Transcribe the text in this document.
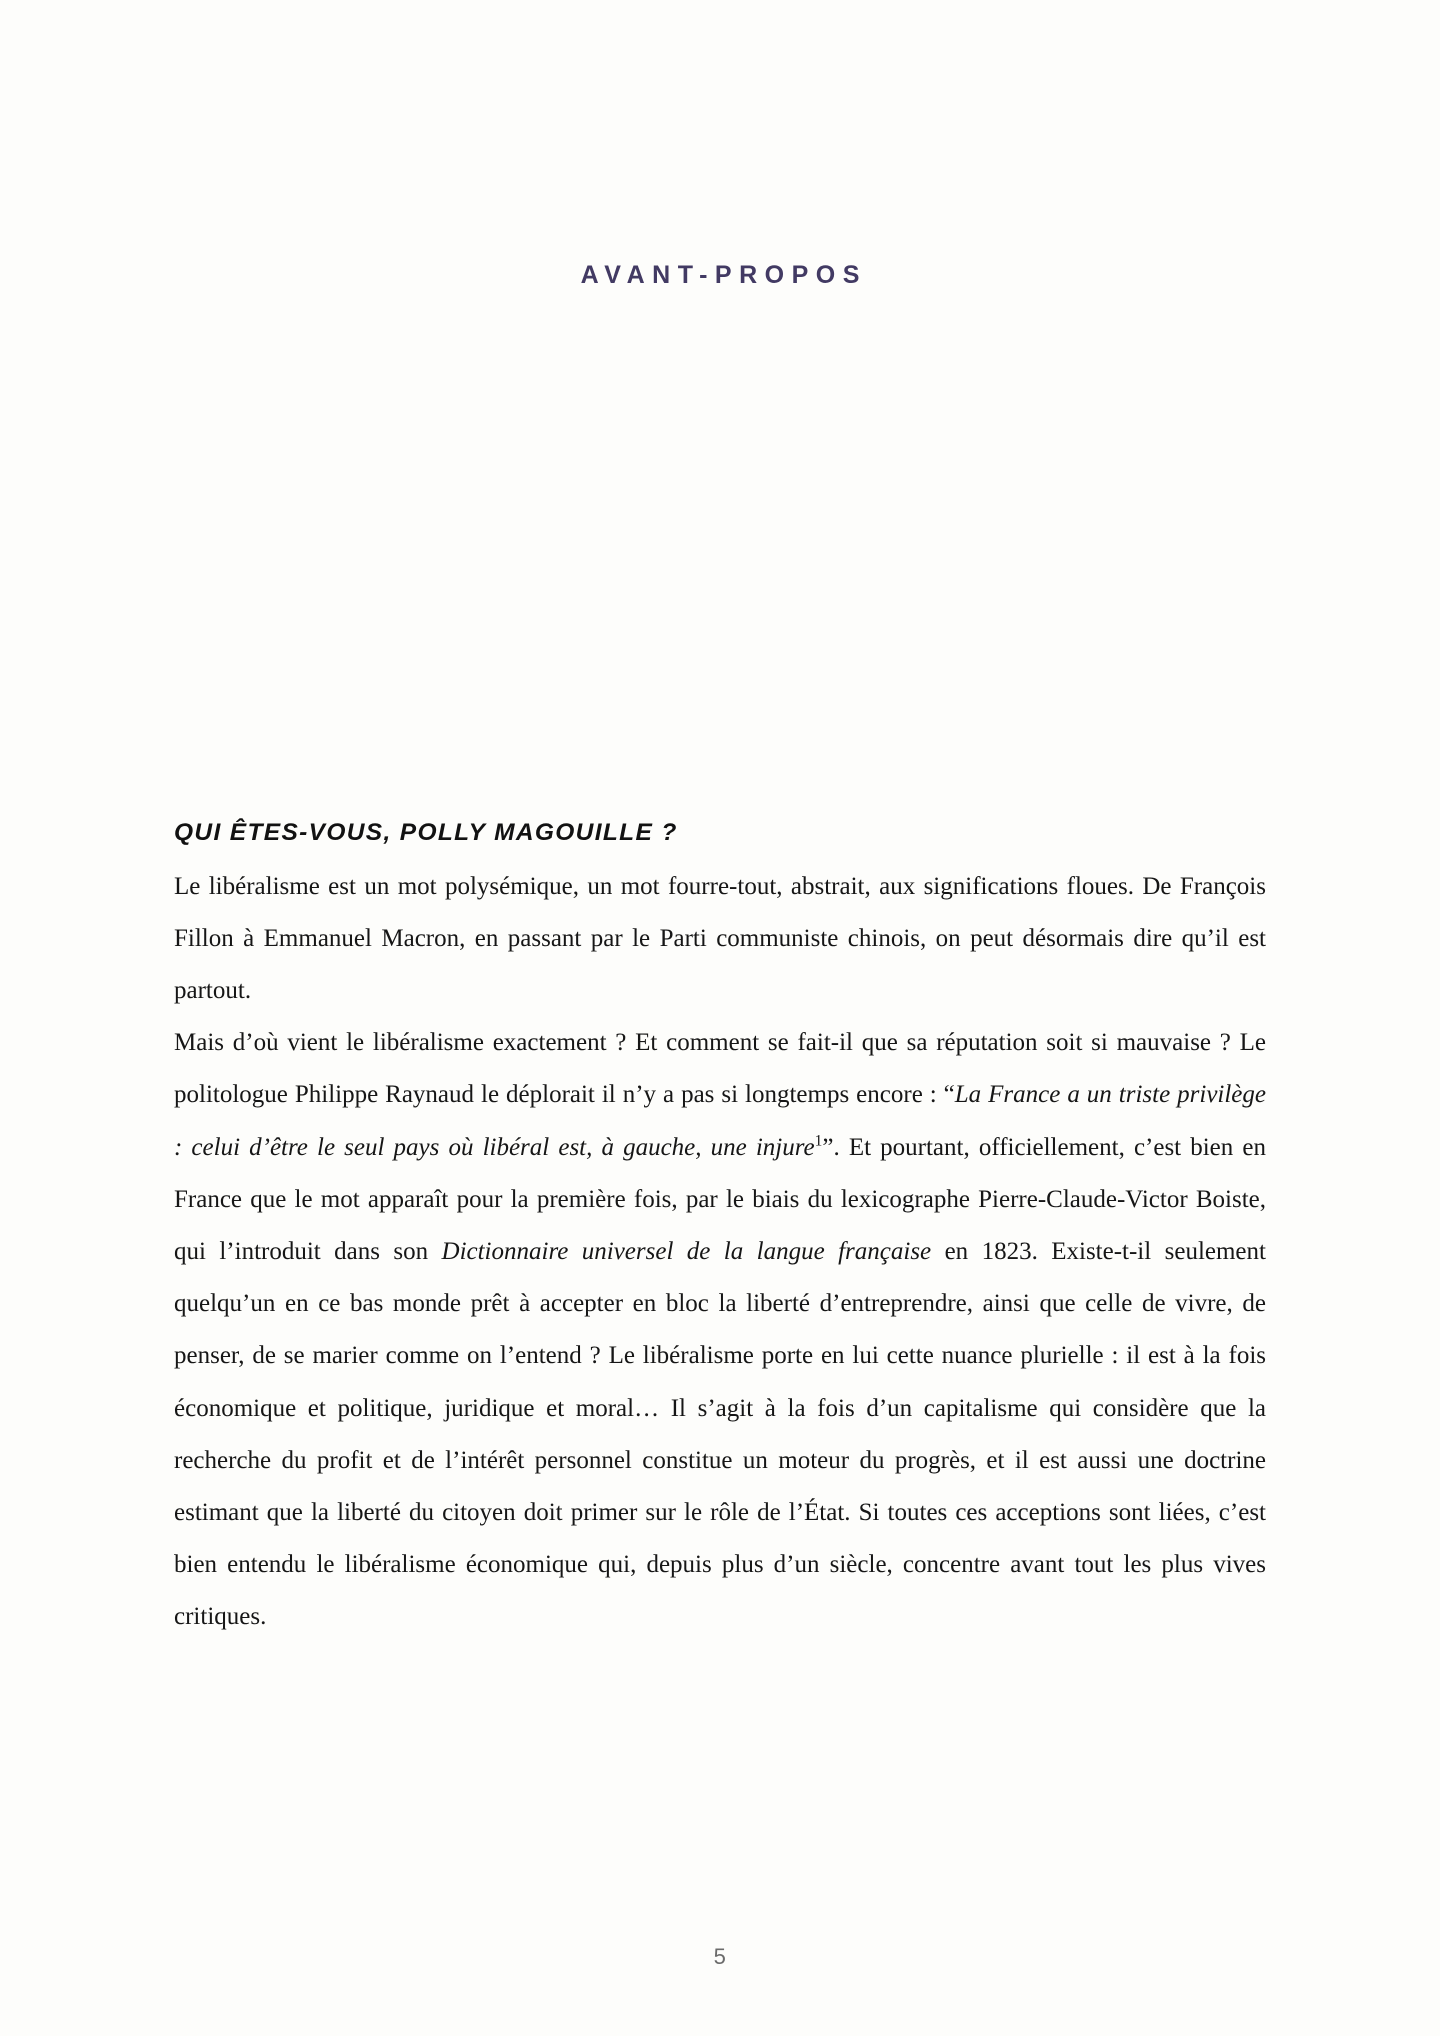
AVANT-PROPOS
QUI ÊTES-VOUS, POLLY MAGOUILLE ?

Le libéralisme est un mot polysémique, un mot fourre-tout, abstrait, aux significations floues. De François Fillon à Emmanuel Macron, en passant par le Parti communiste chinois, on peut désormais dire qu’il est partout.

Mais d’où vient le libéralisme exactement ? Et comment se fait-il que sa réputation soit si mauvaise ? Le politologue Philippe Raynaud le déplorait il n’y a pas si longtemps encore : “La France a un triste privilège : celui d’être le seul pays où libéral est, à gauche, une injure$^1$”. Et pourtant, officiellement, c’est bien en France que le mot apparaît pour la première fois, par le biais du lexicographe Pierre-Claude-Victor Boiste, qui l’introduit dans son Dictionnaire universel de la langue française en 1823. Existe-t-il seulement quelqu’un en ce bas monde prêt à accepter en bloc la liberté d’entreprendre, ainsi que celle de vivre, de penser, de se marier comme on l’entend ? Le libéralisme porte en lui cette nuance plurielle : il est à la fois économique et politique, juridique et moral… Il s’agit à la fois d’un capitalisme qui considère que la recherche du profit et de l’intérêt personnel constitue un moteur du progrès, et il est aussi une doctrine estimant que la liberté du citoyen doit primer sur le rôle de l’État. Si toutes ces acceptions sont liées, c’est bien entendu le libéralisme économique qui, depuis plus d’un siècle, concentre avant tout les plus vives critiques.

5
